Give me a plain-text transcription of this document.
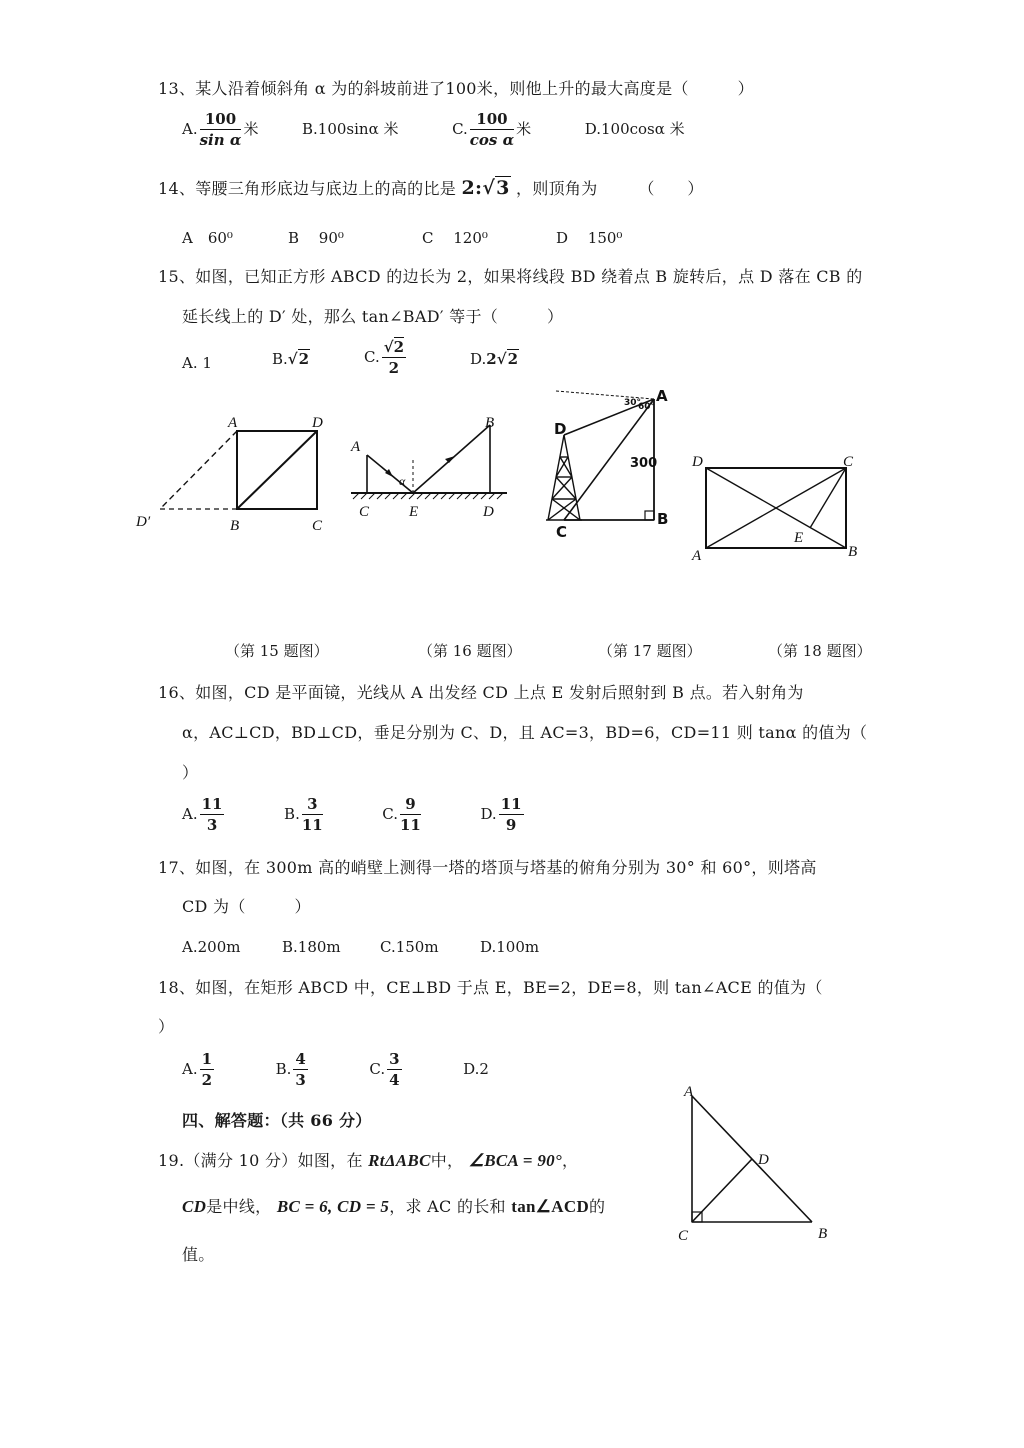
13、某人沿着倾斜角 α 为的斜坡前进了100米，则他上升的最大高度是（　　　）
A. $\frac{100}{\text{sin α}}$ 米	B.100sinα 米	C. $\frac{100}{\text{cos α}}$ 米	D.100cosα 米
14、等腰三角形底边与底边上的高的比是 2:√3 ，则顶角为　　　（　　）
A　60⁰	B　 90⁰	C　 120⁰	D　 150⁰
15、如图，已知正方形 ABCD 的边长为 2，如果将线段 BD 绕着点 B 旋转后，点 D 落在 CB 的
延长线上的 D′ 处，那么 tan∠BAD′ 等于（　　　）
A. 1	B.√2	C. $\frac{√2}{2}$	D.2√2
A	D
D′	B	C
A
B
C	E	D
α
A
B
C
D
300
30°
60°
D	C
A	B
E
（第 15 题图）	（第 16 题图）	（第 17 题图）	（第 18 题图）
16、如图，CD 是平面镜，光线从 A 出发经 CD 上点 E 发射后照射到 B 点。若入射角为
α，AC⊥CD，BD⊥CD，垂足分别为 C、D，且 AC=3，BD=6，CD=11 则 tanα 的值为（
）
A. $\frac{11}{3}$	B. $\frac{3}{11}$	C. $\frac{9}{11}$	D. $\frac{11}{9}$
17、如图，在 300m 高的峭壁上测得一塔的塔顶与塔基的俯角分别为 30° 和 60°，则塔高
CD 为（　　　）
A.200m	B.180m	C.150m	D.100m
18、如图，在矩形 ABCD 中，CE⊥BD 于点 E，BE=2，DE=8，则 tan∠ACE 的值为（
）
A. $\frac{1}{2}$	B. $\frac{4}{3}$	C. $\frac{3}{4}$	D.2
四、解答题：（共 66 分）
19.（满分 10 分）如图，在 RtΔABC中， ∠BCA = 90°，
CD是中线， BC = 6, CD = 5，求 AC 的长和 tan∠ACD的
值。
A
D
C	B
